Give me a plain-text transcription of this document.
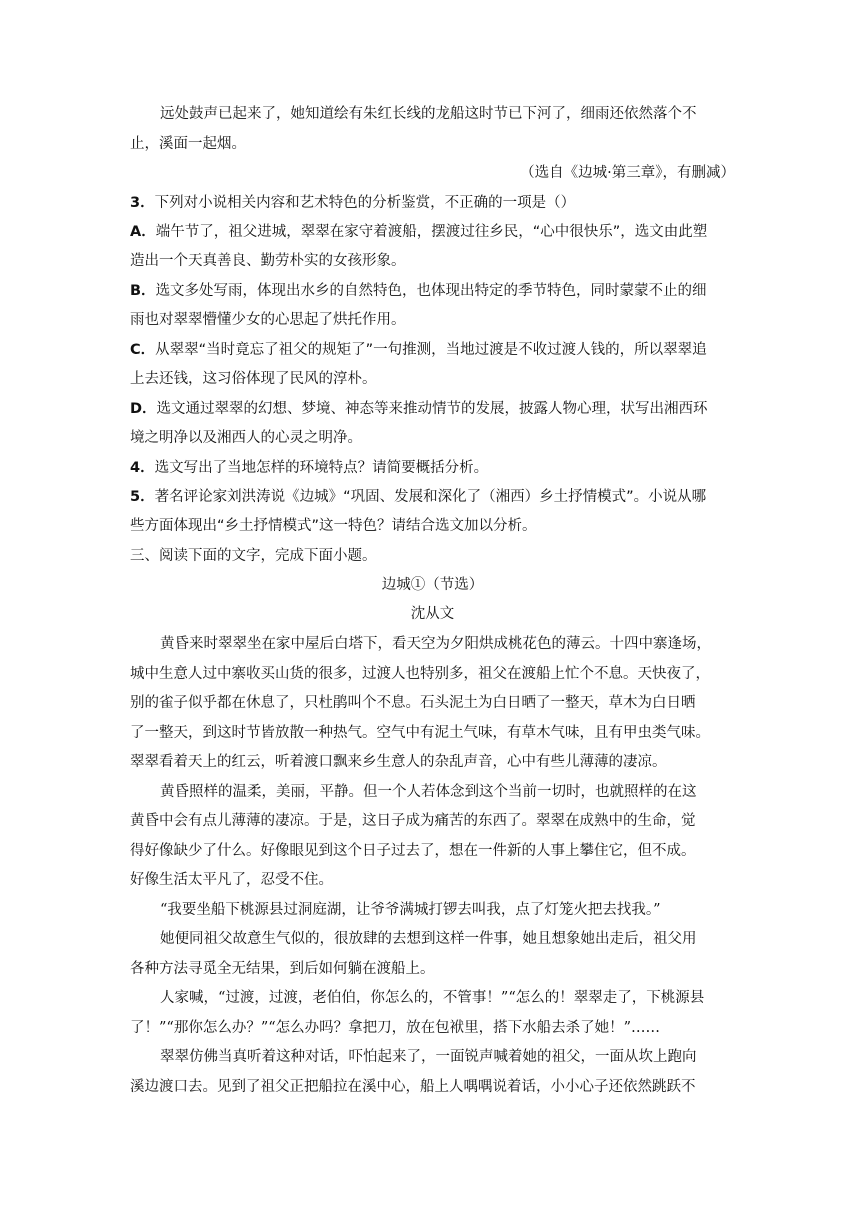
远处鼓声已起来了，她知道绘有朱红长线的龙船这时节已下河了，细雨还依然落个不
止，溪面一起烟。
（选自《边城·第三章》，有删减）
3．下列对小说相关内容和艺术特色的分析鉴赏，不正确的一项是（）
A．端午节了，祖父进城，翠翠在家守着渡船，摆渡过往乡民，“心中很快乐”，选文由此塑
造出一个天真善良、勤劳朴实的女孩形象。
B．选文多处写雨，体现出水乡的自然特色，也体现出特定的季节特色，同时蒙蒙不止的细
雨也对翠翠懵懂少女的心思起了烘托作用。
C．从翠翠“当时竟忘了祖父的规矩了”一句推测，当地过渡是不收过渡人钱的，所以翠翠追
上去还钱，这习俗体现了民风的淳朴。
D．选文通过翠翠的幻想、梦境、神态等来推动情节的发展，披露人物心理，状写出湘西环
境之明净以及湘西人的心灵之明净。
4．选文写出了当地怎样的环境特点？请简要概括分析。
5．著名评论家刘洪涛说《边城》“巩固、发展和深化了（湘西）乡土抒情模式”。小说从哪
些方面体现出“乡土抒情模式”这一特色？请结合选文加以分析。
三、阅读下面的文字，完成下面小题。
边城①（节选）
沈从文
黄昏来时翠翠坐在家中屋后白塔下，看天空为夕阳烘成桃花色的薄云。十四中寨逢场，
城中生意人过中寨收买山货的很多，过渡人也特别多，祖父在渡船上忙个不息。天快夜了，
别的雀子似乎都在休息了，只杜鹃叫个不息。石头泥土为白日晒了一整天，草木为白日晒
了一整天，到这时节皆放散一种热气。空气中有泥土气味，有草木气味，且有甲虫类气味。
翠翠看着天上的红云，听着渡口飘来乡生意人的杂乱声音，心中有些儿薄薄的凄凉。
黄昏照样的温柔，美丽，平静。但一个人若体念到这个当前一切时，也就照样的在这
黄昏中会有点儿薄薄的凄凉。于是，这日子成为痛苦的东西了。翠翠在成熟中的生命，觉
得好像缺少了什么。好像眼见到这个日子过去了，想在一件新的人事上攀住它，但不成。
好像生活太平凡了，忍受不住。
“我要坐船下桃源县过洞庭湖，让爷爷满城打锣去叫我，点了灯笼火把去找我。”
她便同祖父故意生气似的，很放肆的去想到这样一件事，她且想象她出走后，祖父用
各种方法寻觅全无结果，到后如何躺在渡船上。
人家喊，“过渡，过渡，老伯伯，你怎么的，不管事！”“怎么的！翠翠走了，下桃源县
了！”“那你怎么办？”“怎么办吗？拿把刀，放在包袱里，搭下水船去杀了她！”……
翠翠仿佛当真听着这种对话，吓怕起来了，一面锐声喊着她的祖父，一面从坎上跑向
溪边渡口去。见到了祖父正把船拉在溪中心，船上人喁喁说着话，小小心子还依然跳跃不
